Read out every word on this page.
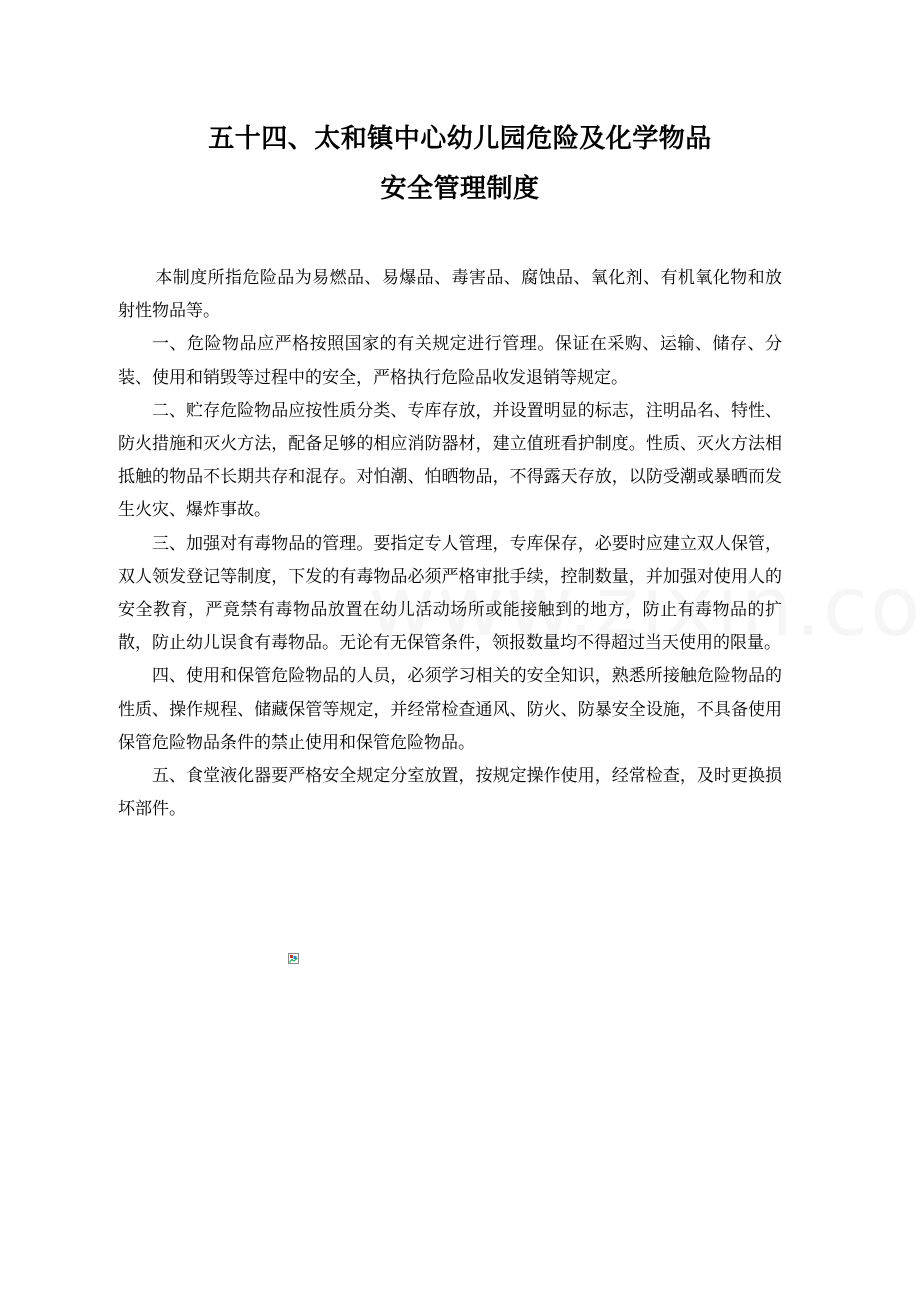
五十四、太和镇中心幼儿园危险及化学物品

安全管理制度

本制度所指危险品为易燃品、易爆品、毒害品、腐蚀品、氧化剂、有机氧化物和放射性物品等。

一、危险物品应严格按照国家的有关规定进行管理。保证在采购、运输、储存、分装、使用和销毁等过程中的安全，严格执行危险品收发退销等规定。

二、贮存危险物品应按性质分类、专库存放，并设置明显的标志，注明品名、特性、防火措施和灭火方法，配备足够的相应消防器材，建立值班看护制度。性质、灭火方法相抵触的物品不长期共存和混存。对怕潮、怕晒物品，不得露天存放，以防受潮或暴晒而发生火灾、爆炸事故。

三、加强对有毒物品的管理。要指定专人管理，专库保存，必要时应建立双人保管，双人领发登记等制度，下发的有毒物品必须严格审批手续，控制数量，并加强对使用人的安全教育，严竟禁有毒物品放置在幼儿活动场所或能接触到的地方，防止有毒物品的扩散，防止幼儿误食有毒物品。无论有无保管条件，领报数量均不得超过当天使用的限量。

四、使用和保管危险物品的人员，必须学习相关的安全知识，熟悉所接触危险物品的性质、操作规程、储藏保管等规定，并经常检查通风、防火、防暴安全设施，不具备使用保管危险物品条件的禁止使用和保管危险物品。

五、食堂液化器要严格安全规定分室放置，按规定操作使用，经常检查，及时更换损坏部件。
